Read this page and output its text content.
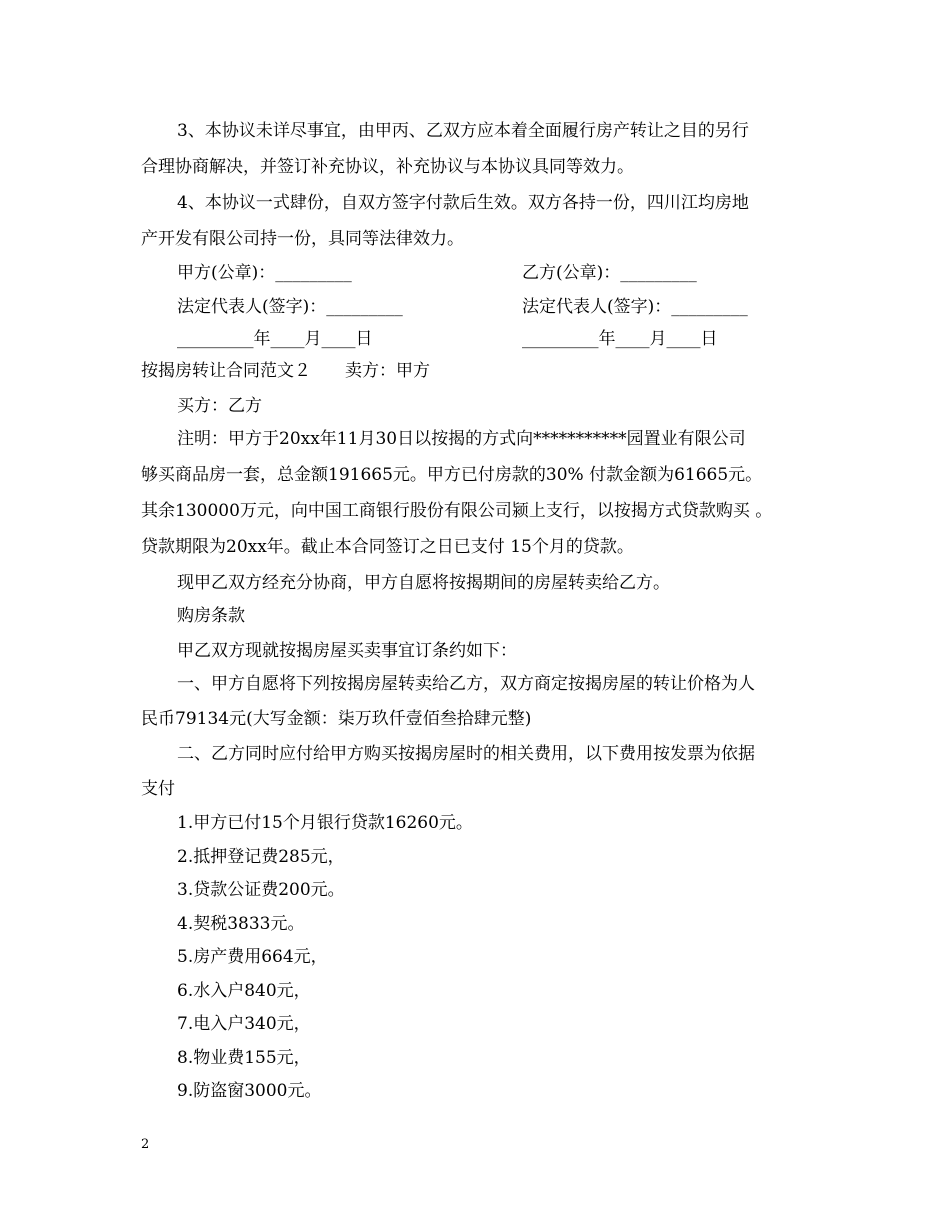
3、本协议未详尽事宜，由甲丙、乙双方应本着全面履行房产转让之目的另行
合理协商解决，并签订补充协议，补充协议与本协议具同等效力。
4、本协议一式肆份，自双方签字付款后生效。双方各持一份，四川江均房地
产开发有限公司持一份，具同等法律效力。
甲方(公章)：_________	乙方(公章)：_________
法定代表人(签字)：_________	法定代表人(签字)：_________
_________年____月____日	_________年____月____日
按揭房转让合同范文２　　卖方：甲方
买方：乙方
注明：甲方于20xx年11月30日以按揭的方式向***********园置业有限公司
够买商品房一套，总金额191665元。甲方已付房款的30% 付款金额为61665元。
其余130000万元，向中国工商银行股份有限公司颍上支行，以按揭方式贷款购买 。
贷款期限为20xx年。截止本合同签订之日已支付 15个月的贷款。
现甲乙双方经充分协商，甲方自愿将按揭期间的房屋转卖给乙方。
购房条款
甲乙双方现就按揭房屋买卖事宜订条约如下：
一、甲方自愿将下列按揭房屋转卖给乙方，双方商定按揭房屋的转让价格为人
民币79134元(大写金额：柒万玖仟壹佰叁拾肆元整)
二、乙方同时应付给甲方购买按揭房屋时的相关费用，以下费用按发票为依据
支付
1.甲方已付15个月银行贷款16260元。
2.抵押登记费285元，
3.贷款公证费200元。
4.契税3833元。
5.房产费用664元，
6.水入户840元，
7.电入户340元，
8.物业费155元，
9.防盗窗3000元。
2
